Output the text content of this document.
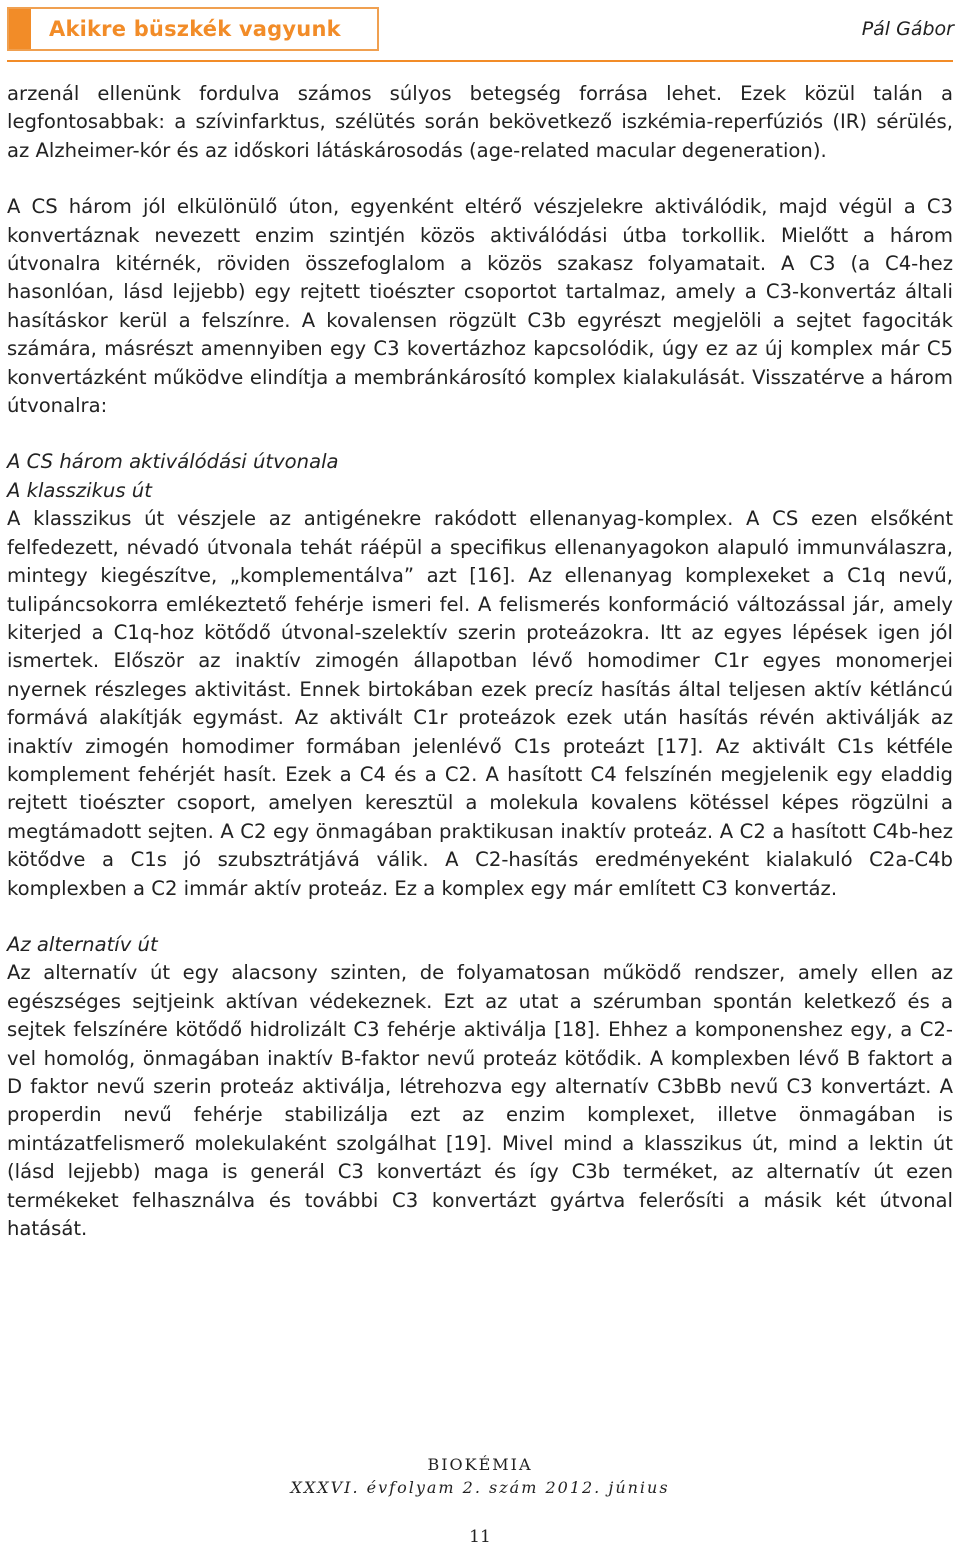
Akikre büszkék vagyunk	Pál Gábor

arzenál ellenünk fordulva számos súlyos betegség forrása lehet. Ezek közül talán a legfontosabbak: a szívinfarktus, szélütés során bekövetkező iszkémia-reperfúziós (IR) sérülés, az Alzheimer-kór és az időskori látáskárosodás (age-related macular degeneration).

A CS három jól elkülönülő úton, egyenként eltérő vészjelekre aktiválódik, majd végül a C3 konvertáznak nevezett enzim szintjén közös aktiválódási útba torkollik. Mielőtt a három útvonalra kitérnék, röviden összefoglalom a közös szakasz folyamatait. A C3 (a C4-hez hasonlóan, lásd lejjebb) egy rejtett tioészter csoportot tartalmaz, amely a C3-konvertáz általi hasításkor kerül a felszínre. A kovalensen rögzült C3b egyrészt megjelöli a sejtet fagociták számára, másrészt amennyiben egy C3 kovertázhoz kapcsolódik, úgy ez az új komplex már C5 konvertázként működve elindítja a membránkárosító komplex kialakulását. Visszatérve a három útvonalra:

A CS három aktiválódási útvonala

A klasszikus út

A klasszikus út vészjele az antigénekre rakódott ellenanyag-komplex. A CS ezen elsőként felfedezett, névadó útvonala tehát ráépül a specifikus ellenanyagokon alapuló immunválaszra, mintegy kiegészítve, „komplementálva” azt [16]. Az ellenanyag komplexeket a C1q nevű, tulipáncsokorra emlékeztető fehérje ismeri fel. A felismerés konformáció változással jár, amely kiterjed a C1q-hoz kötődő útvonal-szelektív szerin proteázokra. Itt az egyes lépések igen jól ismertek. Először az inaktív zimogén állapotban lévő homodimer C1r egyes monomerjei nyernek részleges aktivitást. Ennek birtokában ezek precíz hasítás által teljesen aktív kétláncú formává alakítják egymást. Az aktivált C1r proteázok ezek után hasítás révén aktiválják az inaktív zimogén homodimer formában jelenlévő C1s proteázt [17]. Az aktivált C1s kétféle komplement fehérjét hasít. Ezek a C4 és a C2. A hasított C4 felszínén megjelenik egy eladdig rejtett tioészter csoport, amelyen keresztül a molekula kovalens kötéssel képes rögzülni a megtámadott sejten. A C2 egy önmagában praktikusan inaktív proteáz. A C2 a hasított C4b-hez kötődve a C1s jó szubsztrátjává válik. A C2-hasítás eredményeként kialakuló C2a-C4b komplexben a C2 immár aktív proteáz. Ez a komplex egy már említett C3 konvertáz.

Az alternatív út

Az alternatív út egy alacsony szinten, de folyamatosan működő rendszer, amely ellen az egészséges sejtjeink aktívan védekeznek. Ezt az utat a szérumban spontán keletkező és a sejtek felszínére kötődő hidrolizált C3 fehérje aktiválja [18]. Ehhez a komponenshez egy, a C2-vel homológ, önmagában inaktív B-faktor nevű proteáz kötődik. A komplexben lévő B faktort a D faktor nevű szerin proteáz aktiválja, létrehozva egy alternatív C3bBb nevű C3 konvertázt. A properdin nevű fehérje stabilizálja ezt az enzim komplexet, illetve önmagában is mintázatfelismerő molekulaként szolgálhat [19]. Mivel mind a klasszikus út, mind a lektin út (lásd lejjebb) maga is generál C3 konvertázt és így C3b terméket, az alternatív út ezen termékeket felhasználva és további C3 konvertázt gyártva felerősíti a másik két útvonal hatását.

BIOKÉMIA
XXXVI. évfolyam 2. szám 2012. június
11
